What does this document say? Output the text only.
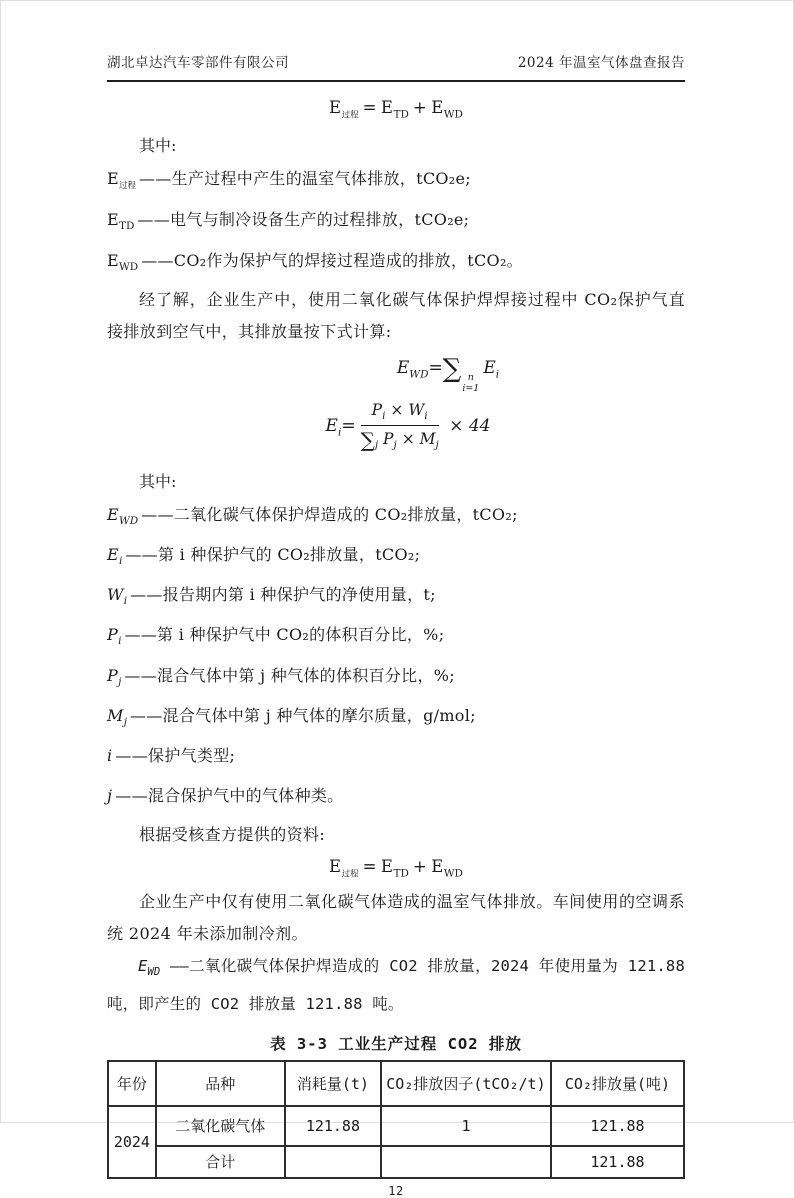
湖北卓达汽车零部件有限公司	2024 年温室气体盘查报告
$E_{过程} = E_{TD} + E_{WD}$

其中:

$E_{过程}$ ——生产过程中产生的温室气体排放，tCO₂e;

$E_{TD}$ ——电气与制冷设备生产的过程排放，tCO₂e;

$E_{WD}$ ——CO₂作为保护气的焊接过程造成的排放，tCO₂。

经了解，企业生产中，使用二氧化碳气体保护焊焊接过程中 CO₂保护气直接排放到空气中，其排放量按下式计算:

$E_{WD}=\sum$ n
i=1
$E_i$
$E_i= \frac{P_i \times W_i}{\sum_j P_j \times M_j} \times 44$

其中:

$E_{WD}$ ——二氧化碳气体保护焊造成的 CO₂排放量，tCO₂;

$E_i$ ——第 i 种保护气的 CO₂排放量，tCO₂;

$W_i$ ——报告期内第 i 种保护气的净使用量，t;

$P_i$ ——第 i 种保护气中 CO₂的体积百分比，%;

$P_j$ ——混合气体中第 j 种气体的体积百分比，%;

$M_j$ ——混合气体中第 j 种气体的摩尔质量，g/mol;

i ——保护气类型;

j ——混合保护气中的气体种类。

根据受核查方提供的资料:

$E_{过程} = E_{TD} + E_{WD}$

企业生产中仅有使用二氧化碳气体造成的温室气体排放。车间使用的空调系统 2024 年未添加制冷剂。

$E_{WD}$ ——二氧化碳气体保护焊造成的 CO2 排放量，2024 年使用量为 121.88 吨，即产生的 CO2 排放量 121.88 吨。

表 3-3 工业生产过程 CO2 排放
年份	品种	消耗量(t)	CO₂排放因子(tCO₂/t)	CO₂排放量(吨)
2024	二氧化碳气体	121.88	1	121.88
	合计			121.88
12
